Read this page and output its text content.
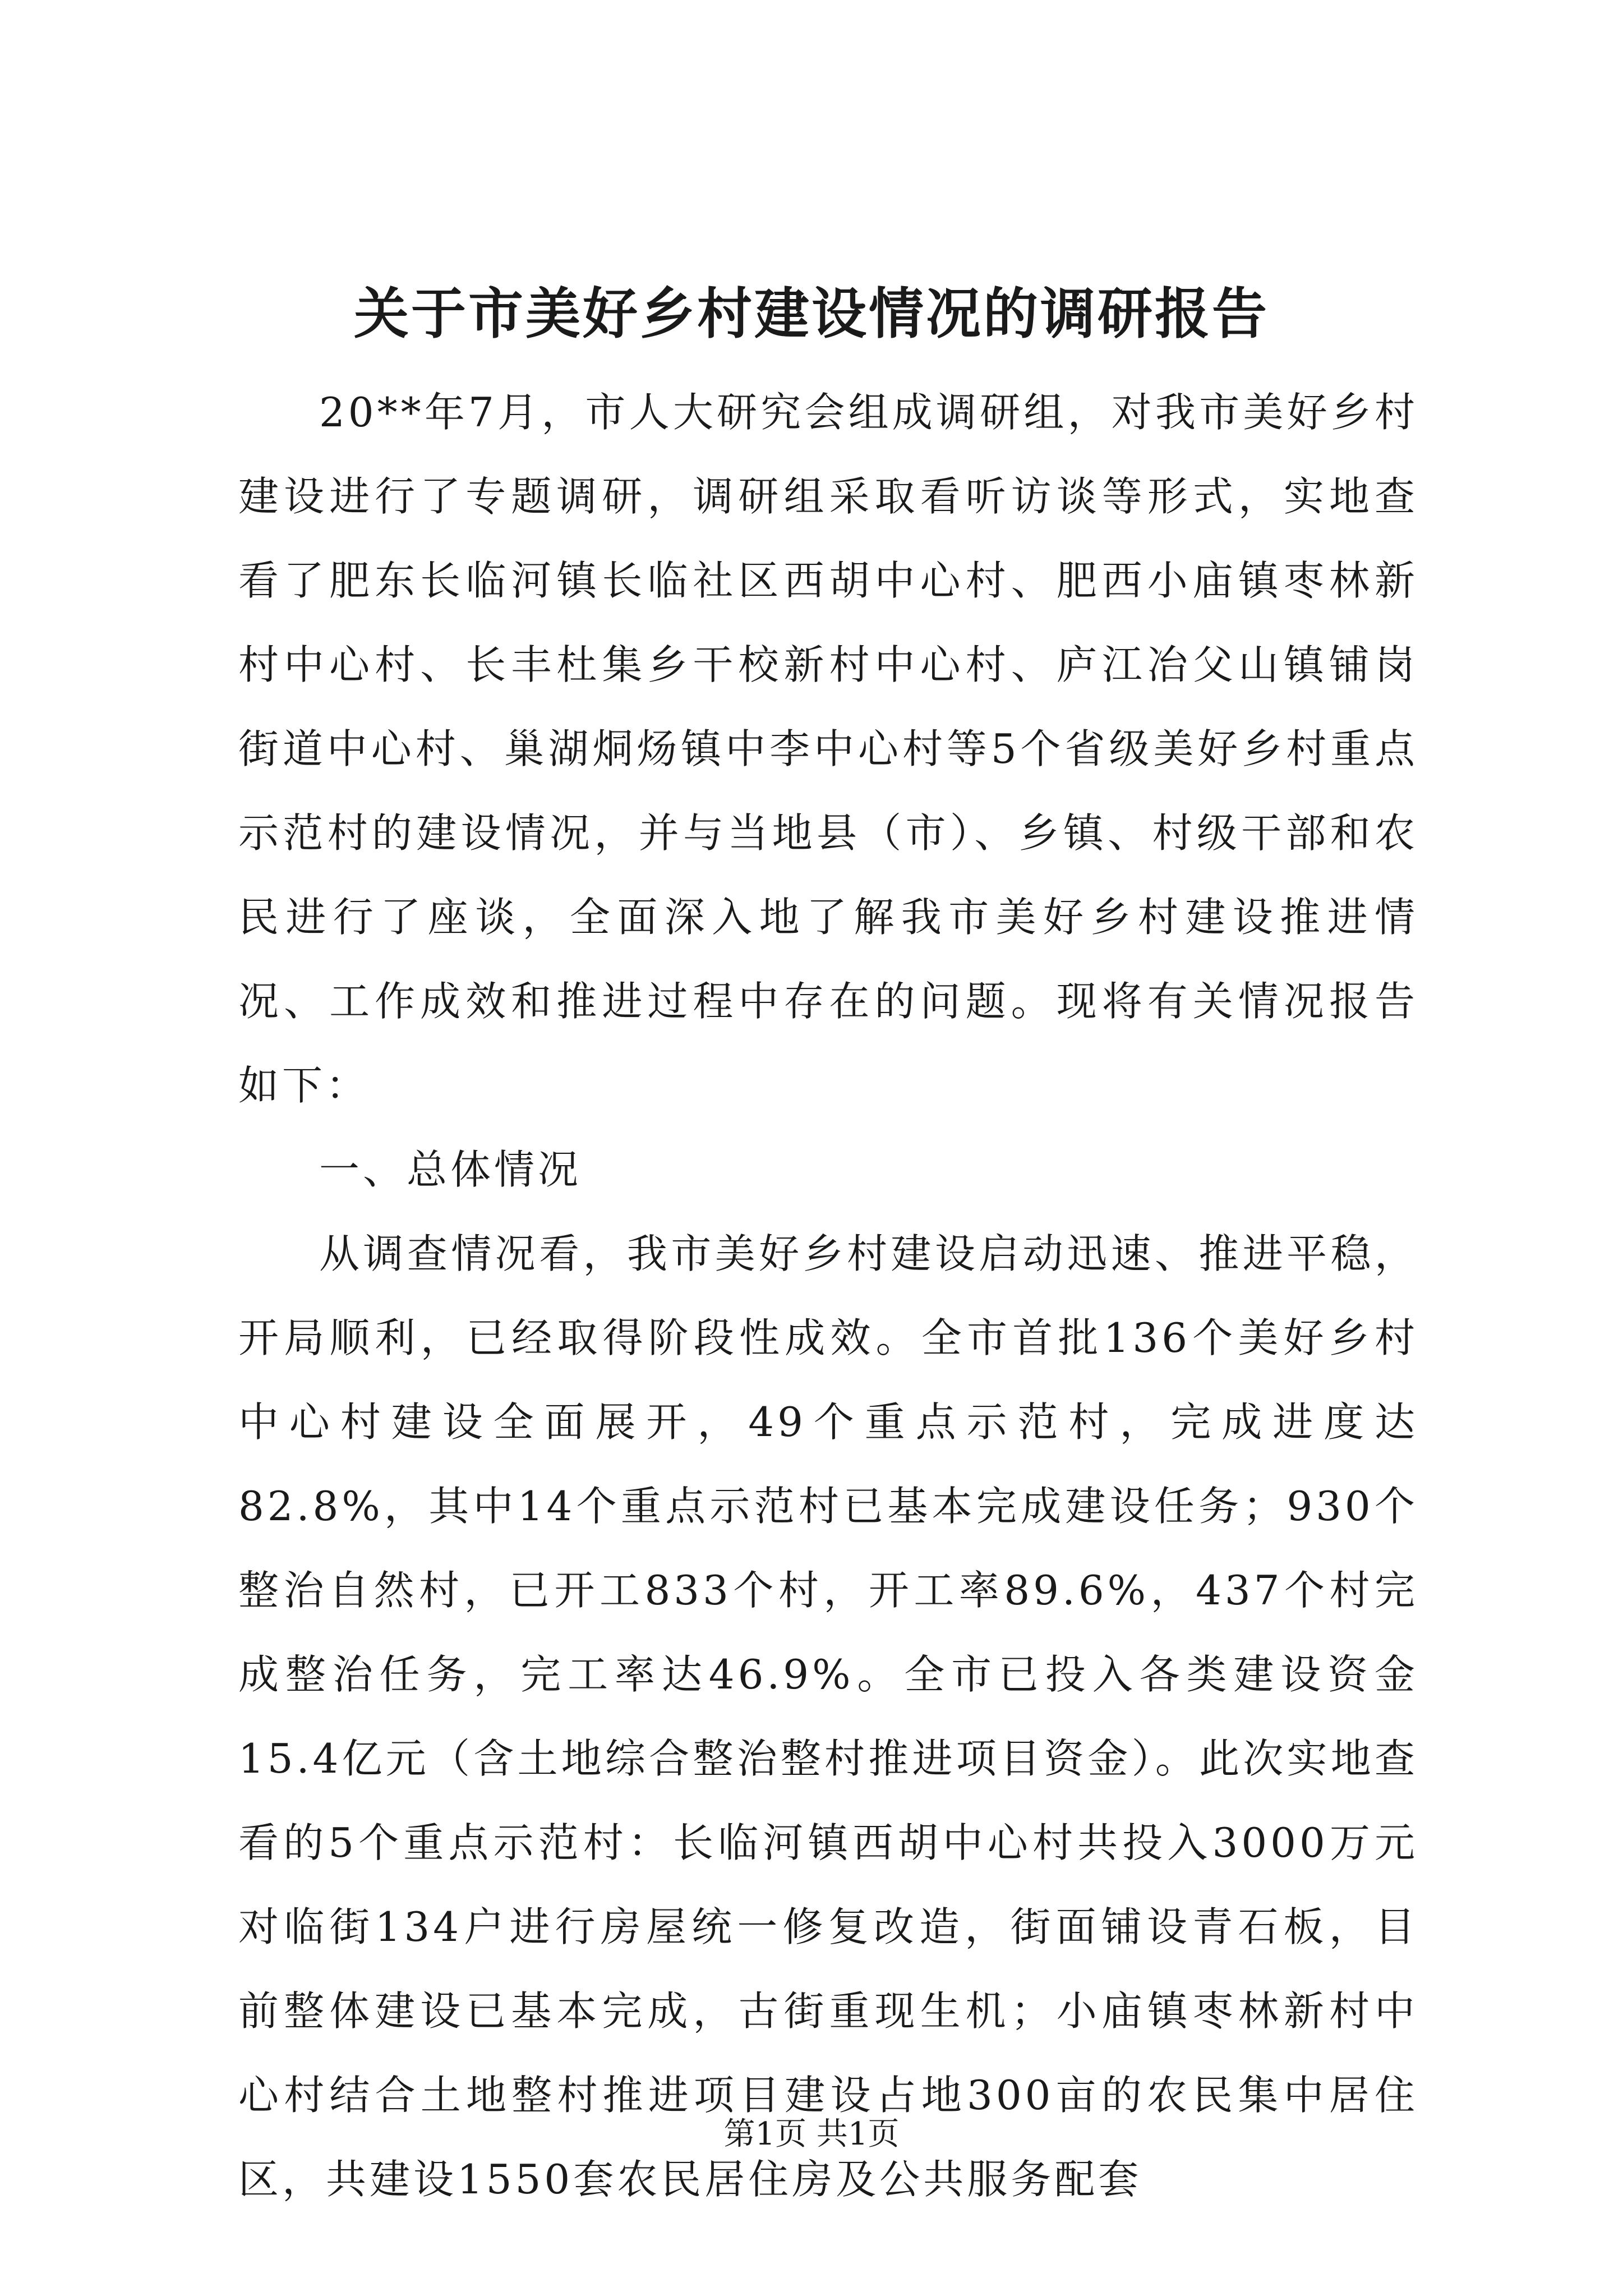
关于市美好乡村建设情况的调研报告

20**年7月，市人大研究会组成调研组，对我市美好乡村建设进行了专题调研，调研组采取看听访谈等形式，实地查看了肥东长临河镇长临社区西胡中心村、肥西小庙镇枣林新村中心村、长丰杜集乡干校新村中心村、庐江冶父山镇铺岗街道中心村、巢湖烔炀镇中李中心村等5个省级美好乡村重点示范村的建设情况，并与当地县（市）、乡镇、村级干部和农民进行了座谈，全面深入地了解我市美好乡村建设推进情况、工作成效和推进过程中存在的问题。现将有关情况报告如下：

一、总体情况

从调查情况看，我市美好乡村建设启动迅速、推进平稳，开局顺利，已经取得阶段性成效。全市首批136个美好乡村中心村建设全面展开，49个重点示范村，完成进度达82.8%，其中14个重点示范村已基本完成建设任务；930个整治自然村，已开工833个村，开工率89.6%，437个村完成整治任务，完工率达46.9%。全市已投入各类建设资金15.4亿元（含土地综合整治整村推进项目资金）。此次实地查看的5个重点示范村：长临河镇西胡中心村共投入3000万元对临街134户进行房屋统一修复改造，街面铺设青石板，目前整体建设已基本完成，古街重现生机；小庙镇枣林新村中心村结合土地整村推进项目建设占地300亩的农民集中居住区，共建设1550套农民居住房及公共服务配套

第1页 共1页
